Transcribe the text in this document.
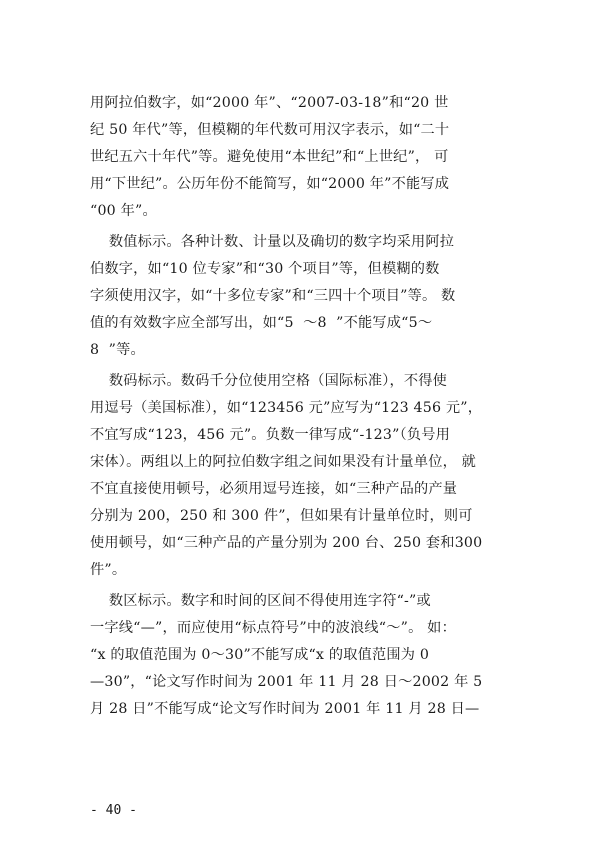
用阿拉伯数字，如“2000 年”、“2007-03-18”和“20 世
纪 50 年代”等，但模糊的年代数可用汉字表示，如“二十
世纪五六十年代”等。避免使用“本世纪”和“上世纪”， 可
用“下世纪”。公历年份不能简写，如“2000 年”不能写成
“00 年”。
数值标示。各种计数、计量以及确切的数字均采用阿拉
伯数字，如“10 位专家”和“30 个项目”等，但模糊的数
字须使用汉字，如“十多位专家”和“三四十个项目”等。 数
值的有效数字应全部写出，如“5  ～8  ”不能写成“5～
8  ”等。
数码标示。数码千分位使用空格（国际标准），不得使
用逗号（美国标准），如“123456 元”应写为“123 456 元”，
不宜写成“123，456 元”。负数一律写成“-123”（负号用
宋体）。两组以上的阿拉伯数字组之间如果没有计量单位， 就
不宜直接使用顿号，必须用逗号连接，如“三种产品的产量
分别为 200，250 和 300 件”，但如果有计量单位时，则可
使用顿号，如“三种产品的产量分别为 200 台、250 套和300
件”。
数区标示。数字和时间的区间不得使用连字符“-”或
一字线“—”，而应使用“标点符号”中的波浪线“～”。 如：
“x 的取值范围为 0～30”不能写成“x 的取值范围为 0
—30”，“论文写作时间为 2001 年 11 月 28 日～2002 年 5
月 28 日”不能写成“论文写作时间为 2001 年 11 月 28 日—
- 40 -
